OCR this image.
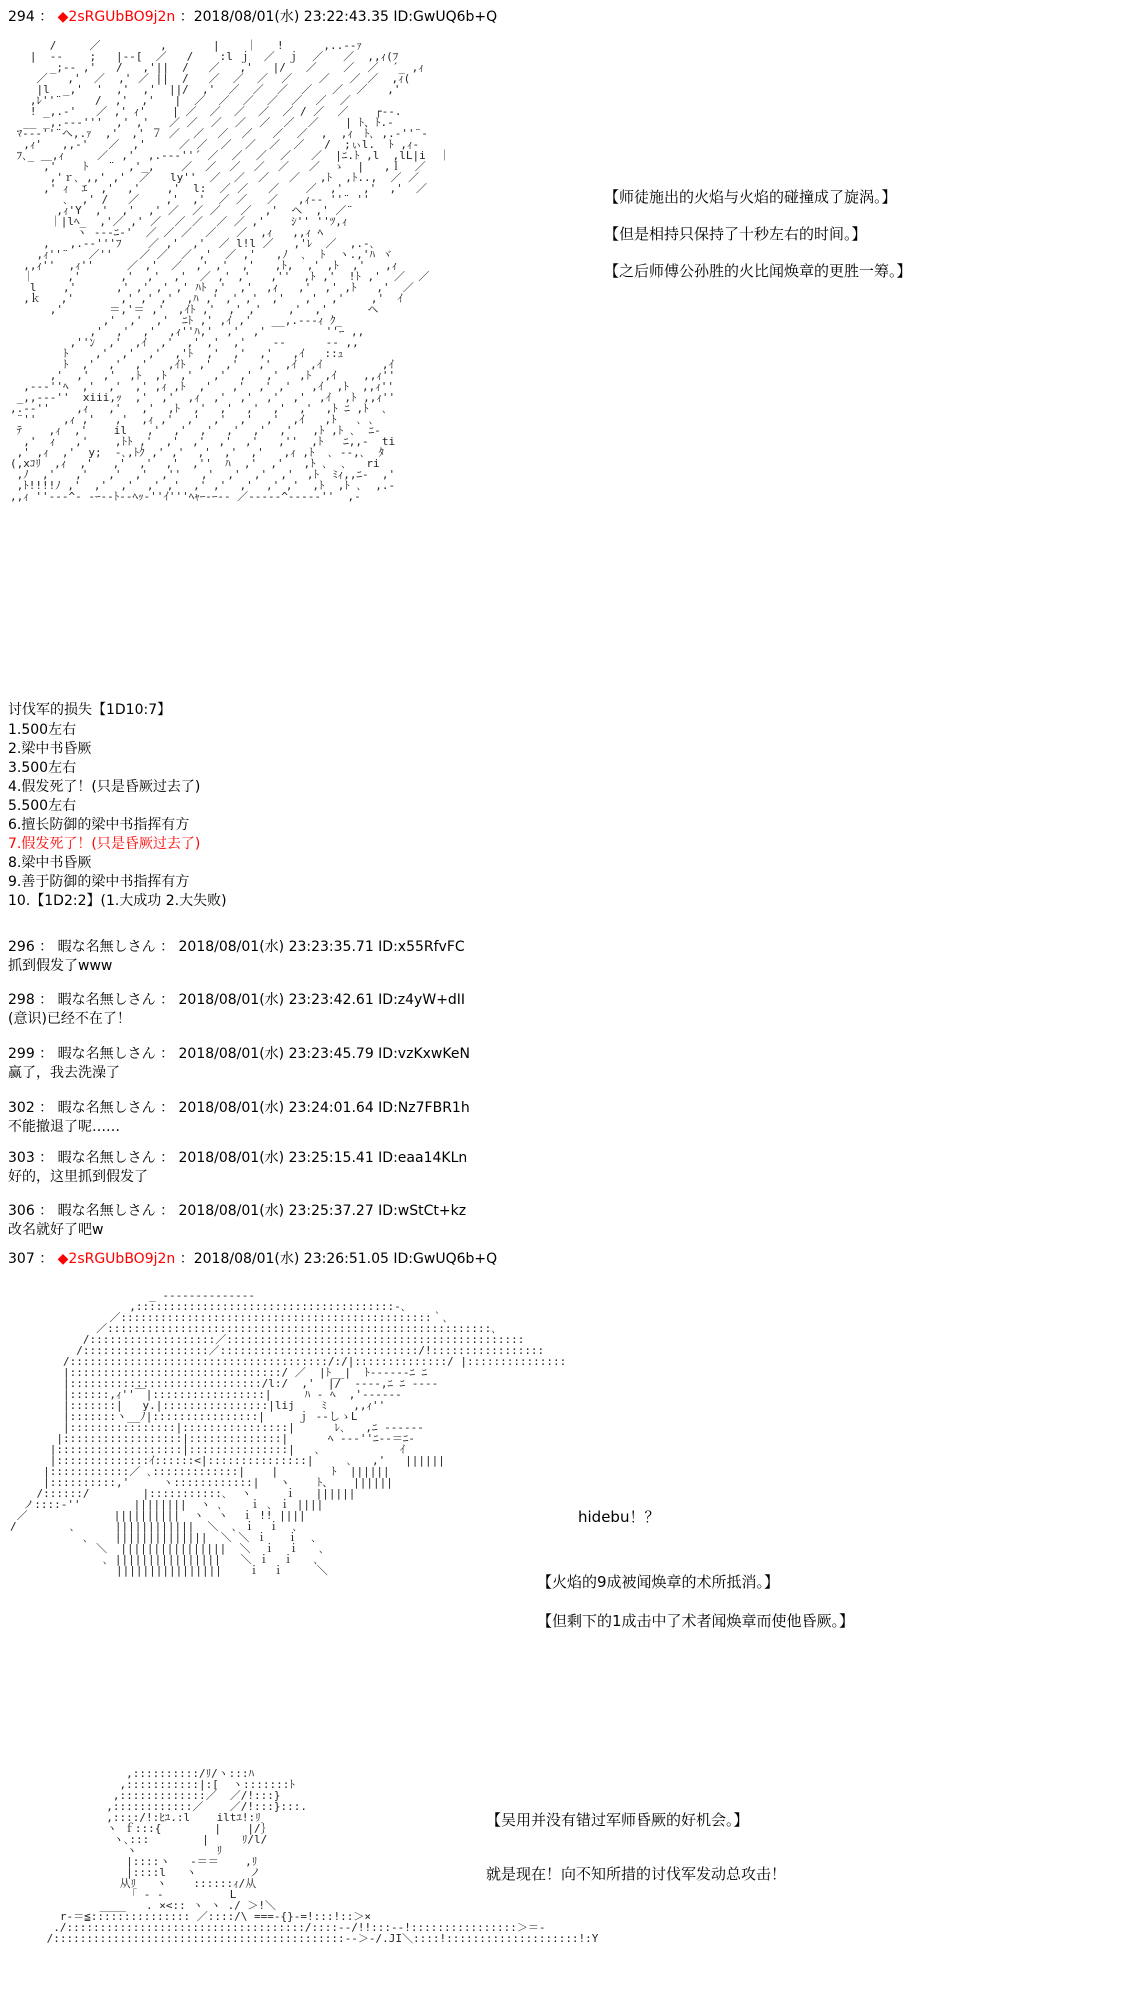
294 ： ◆2sRGUbBO9j2n ：2018/08/01(水) 23:22:43.35 ID:GwUQ6b+Q
/     ／         ,       |    ｜   !      ,..-‐ｧ
|  -‐    ;   |‐‐[  ／   /    :l ｊ  ／  ｊ  ／   ／  ,,ｨ(ﾌ
_;-‐ ,'   /   ,'||  /   ／   ,'   |/   ／    ／  ／  ´_ ,ｨ
／   ,'  ／  ,' ／ ||  /   ／  ／  ／  ／    ／   ／ ／  ,ｨ(
|l  _,'  '  ,'  ,'  ||/  ,'  ／  ／  ／  ／   ／  ／   ,'
,ﾚ''¨     /  ,'  ,'   |  ／  ／  ／  ／  ／  ／  ／
! _,.-'   ／ ,' ｨ'    | ／  ／  ／  ／  ／ / ／  ／    ┌‐‐.
__ _,.--‐'''  ,' ,'   ／ ／  ／  ／  ／  ／  ／    | ﾄ、ﾄ.-
ﾏ--‐''¨ヘ,.ｧ  ,'  ,' ７ ／  ／  ／  ／   ／  ／  ,  ,ｨ　ﾄ､ ,.-''¨-
,ｨ'   ,,-'   ／  ,'     ／ ／  ／  ／  ／  ／   /  ;ぃl.  ﾄ ,ｨ-
ﾌ､_ ＿,ｨ     ／  ,'  ,.--‐''´ ／  ／  ／  ／   ／  |ﾆ.ﾄ ,l  ,lL|i  ｜
,'    ﾄ   ¨  ,'_,    ／  ／  ／  ／  ／   ／  ゝ  |   ,ｌ  ／
,'ｒ､ ,,' ,'  ／   ly''  ／  ／  ／   ／   ,ﾄ  ,ﾄ..,  ／ ／
,' ｨ  ｴ  ,'  ,'    ,'  l:  ／ ／   ／    ／  ,'   ,'  ,'  ／
､  ,' /   ／    ,'  ,'  ／ ／   ／   ,ｨ-‐ ''¨ ''
,ｨ'Y  ,'  ,'  ,' ／  ／ ／   ／  ,'  ヘ  ,' ／¨
｜|lﾍ_  ,'／ ,' ／  ／ ／  ／ ／ ,'    ｼ'' ''ﾂ,ｨ
ヽ ‐--ﾆ-'  ／ ／ ／  ／   ／  ,ｨ   ,,ｨ ﾍ
,   ,.-‐'''ﾌ    ／ ,'  ,'  ／ l!l ／   ,'ﾚ  ／  ,.-､
,ｨ''¨   ／''    ／ ／  ／ ,'  ／ ,'   ,ﾉ  ､  ﾄ  ヽ.,'ﾊ ヾ
,,ｨ''  ,ｨ''     ／ ,'  ／  ,' ,'  ,'   ,ﾄ,  ,' ,ﾄ  ,'   ,ｨ
｜     ,'      ,'  ,'  ,'  ／ ,' ,'   ,''  ,ﾄ ,'  !ﾄ ,'  ／  ／
l    ,'      ,' ,' ,' ,' ﾊﾄ ,'  ,'  ,ｨ   ,'  ,' ,ﾄ   ,'  ／
,ｋ   ,'       ,' ,' ,'  ,ﾊ ,' ,' ,'  ,'   ,'  ,'    ,'  ｲ
,'       ＝,'＝ ,'  ,ｲﾄ ,'  ,' ,'    ,'  ,'      ヘ
,'  ,'  ,'  ﾆﾄ ,' ,ｲ ,'   __,.-‐‐ｨ ｸ_
,'  ,'  ,'  ,ｨ''ﾊ,'  ,'  ,'         ''ｰ ,,
,''ﾝ  ,'  ,ｲ  ,'  ,' ,'  ,'    ‐‐      -‐ ,,
ﾄ    ,'  ,'  ,'  ,'ﾄ  ,'  ,'  ,'   ,ｲ   ::ｭ
ﾄ  ,'  ,'  ,'   ,ｲﾄ  ,'  ,'   ,'  ,ｲ  ,ｲ         ,ｲ
,'  ,'  ,'  ,ﾄ  ,ﾄ  ,'   ,'  ,'  ,'   ,ﾄ  ,ｲ    ,,ｨ''
,‐-‐''ﾍ  ,'  ,'  ,' ,ｨ ,ﾄ  ,'   ,'  ,' ,'   ,ｲ  ,ﾄ  ,,ｨ''
_,,--‐''  xiii,ｯ  ,'  ,'  ,ｨ  ,'  ,'  ,'  ,'  ,ｲ  ,ﾄ ,,ｨ''
,.-‐''    ,ｨ   ,'   ,'  ,ﾄ  ,'  ,'  ,'  ,'  ,'  ,ﾄ ﾆ ,ﾄ  ､
¨''    ,ｨ ,'   ,'  ,ｨ ,'  ,'  ,'  ,'  ,'  ,ｲ   ,ﾄ   ､ ､
ﾃ    ,ｨ  ,'    il   ,'  ,'  ,'  ,'  ,'  ,'   ,ﾄ ,ﾄ ､  ﾆ‐
,'  ｨ   ,'    ,ﾄﾄ ,'  ,'  ,'  ,'  ,'   ,''  ,ﾄ   ﾆ,,‐  ti
,' ,ｨ  ,'  y;  ‐､,ﾄｸ ,' ,'  ,'  ,'  ,'   ,ｨ ,ﾄ  ､ ‐-,､  ﾀ
(,xｺﾘ  ,ｨ  ,'   ,'  ,'  ,'  ,''  ﾊ  ,'  ,'   ,ﾄ ､  ､   ri
,ﾉ  ,'   ,'   ,'  ,'  ,''   ,'  ,'  ,'  ,'  ,ﾄ  ﾐｨ,,ﾆ-  ,'
,ﾄ!!!!ﾉ ,'  ,'  ,'  ,' ,'  ,' ,'  ,'  ,' ,'  ,ﾄ  ,ﾄ ､  ,.-
,,ｨ ''‐-‐^‐ ‐ｰ-‐ﾄ‐‐ﾍｯ‐''ｲ'''ﾍｬｰ‐ｰ-‐ ／‐‐‐‐‐^‐‐‐‐-''  ,-
【师徒施出的火焰与火焰的碰撞成了旋涡。】
【但是相持只保持了十秒左右的时间。】
【之后师傅公孙胜的火比闻焕章的更胜一筹。】
讨伐军的损失【1D10:7】
1.500左右
2.梁中书昏厥
3.500左右
4.假发死了！(只是昏厥过去了)
5.500左右
6.擅长防御的梁中书指挥有方
7.假发死了！(只是昏厥过去了)
8.梁中书昏厥
9.善于防御的梁中书指挥有方
10.【1D2:2】(1.大成功 2.大失败)
296 ： 暇な名無しさん ： 2018/08/01(水) 23:23:35.71 ID:x55RfvFC
抓到假发了www
298 ： 暇な名無しさん ： 2018/08/01(水) 23:23:42.61 ID:z4yW+dII
(意识)已经不在了！
299 ： 暇な名無しさん ： 2018/08/01(水) 23:23:45.79 ID:vzKxwKeN
赢了，我去洗澡了
302 ： 暇な名無しさん ： 2018/08/01(水) 23:24:01.64 ID:Nz7FBR1h
不能撤退了呢……
303 ： 暇な名無しさん ： 2018/08/01(水) 23:25:15.41 ID:eaa14KLn
好的，这里抓到假发了
306 ： 暇な名無しさん ： 2018/08/01(水) 23:25:37.27 ID:wStCt+kz
改名就好了吧w
307 ： ◆2sRGUbBO9j2n ：2018/08/01(水) 23:26:51.05 ID:GwUQ6b+Q
_ ‐‐‐‐‐‐‐‐‐‐‐‐‐‐
,:::::::::::::::::::::::::::::::::::::::‐､
／:::::::::::::::::::::::::::::::::::::::::::::::｀､
／::::::::::::::::::::::::::::::::::::::::::::::::::::::::::､
/:::::::::::::::::::／:::::::::::::::::::::::::::::::::::::::::::::
/:::::::::::::::::::／::::::::::::::::::::::::::::::/!:::::::::::::::::
/:::::::::::::::::::::::::::::::::::::::/:/|::::::::::::::/ |:::::::::::::::
|::::::::::::::::::::::::::::::::/ ／  |ﾄ__|  ﾄ‐‐‐‐‐‐ﾆ ﾆ
|:::::::::::::::::::::::::::::/l:/  ,'  |/  ‐‐‐‐,ﾆ ﾆ ‐‐‐‐
|::::::,ｨ''￣|:::::::::::::::::|     ﾊ ‐ ﾍ  ,'‐‐‐‐‐‐
|:::::::|   y.|::::::::::::::::|lij    ﾐ    ,,ｨ''
|:::::::ヽ__ﾉ|::::::::::::::::|     ｊ ‐‐しゝL
|::::::::::::::::|::::::::::::::::|      ﾚ､   ,ﾆ ‐‐‐‐‐‐
|::::::::::::::::::|::::::::::::::|      ﾍ ‐‐-''ﾆ-‐＝ﾆ‐
|:::::::::::::::::::|:::::::::::::::|   ､            ｲ
|::::::::::::::ｲ::::::<|:::::::::::::::|     ､   ,'   ||||||
|::::::::::::／ ､:::::::::::::|    |        ﾄ  ||||||
|::::::::::,'     ヽ::::::::::::|   ヽ    ﾄ、   ||||||
/::::::/        |:::::::::::､  ヽ     ｉ   ||||||
ノ::::‐''        ||||||||  ヽ ､    ｉ ､ ｉ ||||
／             ||||||||||  ヽ  ヽ  ｉ !! ||||
/        ､      ||||||||||||  ＼  ､ ｉ  ｉ  ､
､    ||||||||||||||  ＼ ＼ ｉ   ｉ  ､
＼  ||||||||||||||||  ＼  ｉ  ｉ   ､
､ ||||||||||||||||   ＼ ｉ  ｉ   ､
||||||||||||||||    ｉ  ｉ     ＼
hidebu！？
【火焰的9成被闻焕章的术所抵消。】
【但剩下的1成击中了术者闻焕章而使他昏厥。】
,::::::::::/ﾘ/ヽ:::ﾊ
,:::::::::::|:[  ヽ:::::::ﾄ
,:::::::::::::／  ／/!:::}
,::::::::::::／    ／/!:::}:::.
,::::/!:ﾋﾕ.:l    iltﾕ!:ﾘ
ヽ ｆ:::{        |    |/｝
ヽ､:::        |     ﾘ/l/
ヽ            ﾘ
|::::ヽ   ‐＝＝    ,ﾘ
|::::l   ヽ        ノ
从ﾘ   ヽ    ::::::ｨ/从
「 ‐ ‐          L
____   . ×<:: ヽ ヽ ./ ＞!＼
r‐＝≦::::::::::::::: ／::::/\ ===‐{}‐=!:::!::＞×
./::::::::::::::::::::::::::::::::::::/::::‐‐/!!:::‐‐!::::::::::::::::＞＝‐
/::::::::::::::::::::::::::::::::::::::::::::‐‐＞‐/.JI＼::::!::::::::::::::::::::!:Y
【吴用并没有错过军师昏厥的好机会。】
就是现在！向不知所措的讨伐军发动总攻击！
